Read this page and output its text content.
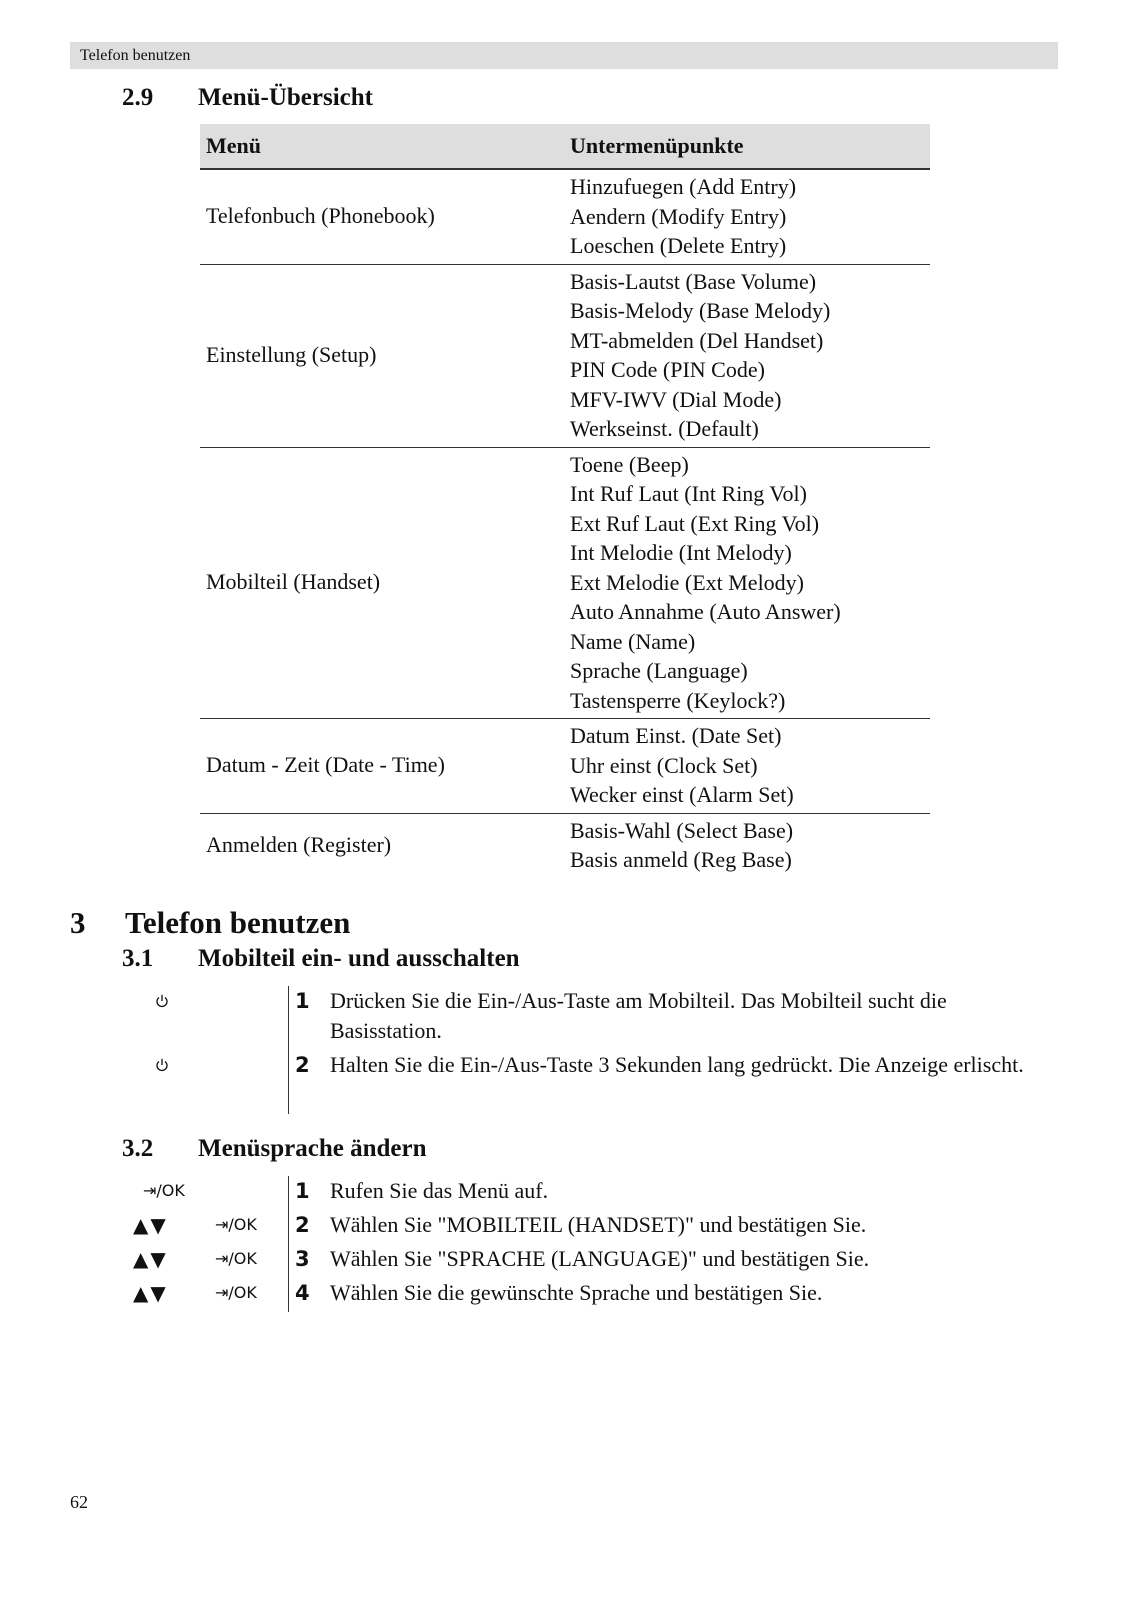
Telefon benutzen
2.9 Menü-Übersicht
Menü	Untermenüpunkte
Telefonbuch (Phonebook)
Hinzufuegen (Add Entry)
Aendern (Modify Entry)
Loeschen (Delete Entry)
Einstellung (Setup)
Basis-Lautst (Base Volume)
Basis-Melody (Base Melody)
MT-abmelden (Del Handset)
PIN Code (PIN Code)
MFV-IWV (Dial Mode)
Werkseinst. (Default)
Mobilteil (Handset)
Toene (Beep)
Int Ruf Laut (Int Ring Vol)
Ext Ruf Laut (Ext Ring Vol)
Int Melodie (Int Melody)
Ext Melodie (Ext Melody)
Auto Annahme (Auto Answer)
Name (Name)
Sprache (Language)
Tastensperre (Keylock?)
Datum - Zeit (Date - Time)
Datum Einst. (Date Set)
Uhr einst (Clock Set)
Wecker einst (Alarm Set)
Anmelden (Register)
Basis-Wahl (Select Base)
Basis anmeld (Reg Base)
3 Telefon benutzen
3.1 Mobilteil ein- und ausschalten
1 Drücken Sie die Ein-/Aus-Taste am Mobilteil. Das Mobilteil sucht die Basisstation.
2 Halten Sie die Ein-/Aus-Taste 3 Sekunden lang gedrückt. Die Anzeige erlischt.
3.2 Menüsprache ändern
⇥/OK	1 Rufen Sie das Menü auf.
▲▼	⇥/OK 2 Wählen Sie "MOBILTEIL (HANDSET)" und bestätigen Sie.
▲▼	⇥/OK 3 Wählen Sie "SPRACHE (LANGUAGE)" und bestätigen Sie.
▲▼	⇥/OK 4 Wählen Sie die gewünschte Sprache und bestätigen Sie.
62
